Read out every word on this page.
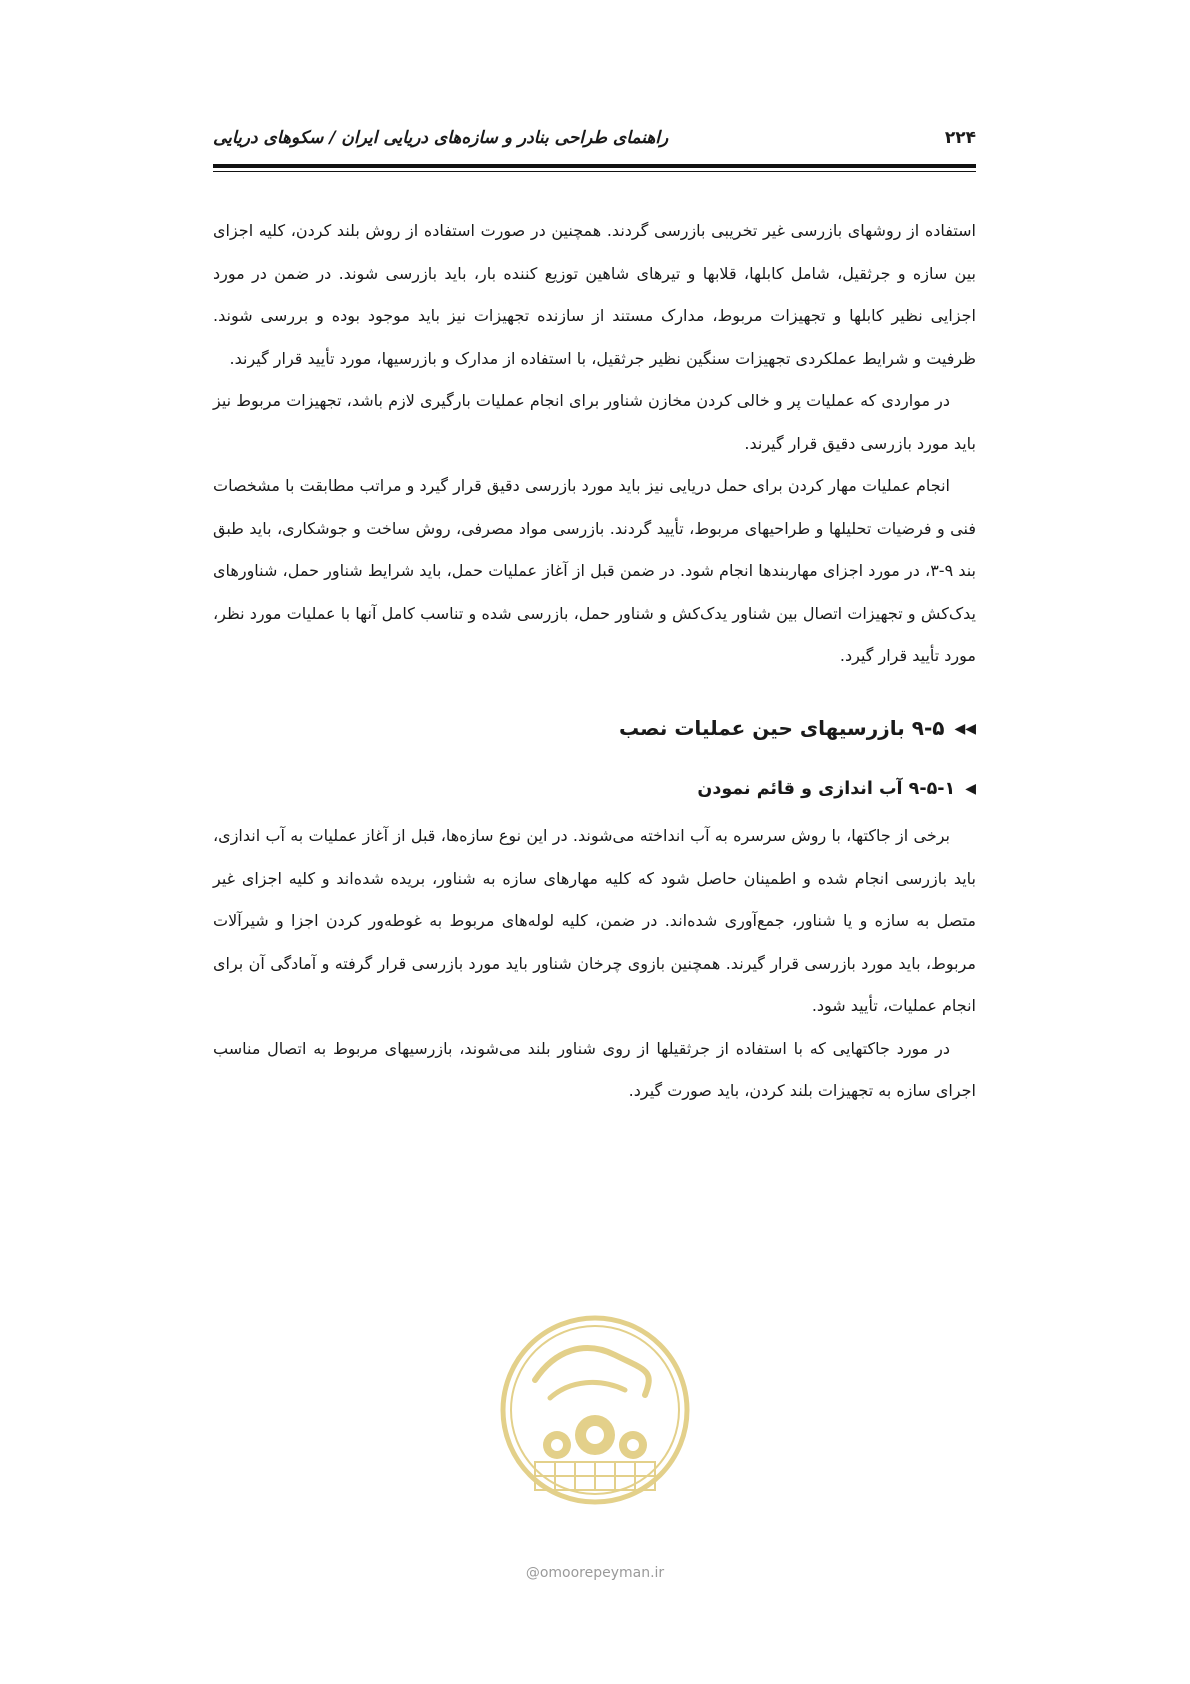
راهنمای طراحی بنادر و سازه‌های دریایی ایران / سکوهای دریایی	۲۲۴

استفاده از روشهای بازرسی غیر تخریبی بازرسی گردند. همچنین در صورت استفاده از روش بلند کردن، کلیه اجزای بین سازه و جرثقیل، شامل کابلها، قلابها و تیرهای شاهین توزیع کننده بار، باید بازرسی شوند. در ضمن در مورد اجزایی نظیر کابلها و تجهیزات مربوط، مدارک مستند از سازنده تجهیزات نیز باید موجود بوده و بررسی شوند. ظرفیت و شرایط عملکردی تجهیزات سنگین نظیر جرثقیل، با استفاده از مدارک و بازرسیها، مورد تأیید قرار گیرند.

در مواردی که عملیات پر و خالی کردن مخازن شناور برای انجام عملیات بارگیری لازم باشد، تجهیزات مربوط نیز باید مورد بازرسی دقیق قرار گیرند.

انجام عملیات مهار کردن برای حمل دریایی نیز باید مورد بازرسی دقیق قرار گیرد و مراتب مطابقت با مشخصات فنی و فرضیات تحلیلها و طراحیهای مربوط، تأیید گردند. بازرسی مواد مصرفی، روش ساخت و جوشکاری، باید طبق بند ۹-۳، در مورد اجزای مهاربندها انجام شود. در ضمن قبل از آغاز عملیات حمل، باید شرایط شناور حمل، شناورهای یدک‌کش و تجهیزات اتصال بین شناور یدک‌کش و شناور حمل، بازرسی شده و تناسب کامل آنها با عملیات مورد نظر، مورد تأیید قرار گیرد.

◀◀۹-۵ بازرسیهای حین عملیات نصب
◀۹-۵-۱ آب اندازی و قائم نمودن

برخی از جاکتها، با روش سرسره به آب انداخته می‌شوند. در این نوع سازه‌ها، قبل از آغاز عملیات به آب اندازی، باید بازرسی انجام شده و اطمینان حاصل شود که کلیه مهارهای سازه به شناور، بریده شده‌اند و کلیه اجزای غیر متصل به سازه و یا شناور، جمع‌آوری شده‌اند. در ضمن، کلیه لوله‌های مربوط به غوطه‌ور کردن اجزا و شیرآلات مربوط، باید مورد بازرسی قرار گیرند. همچنین بازوی چرخان شناور باید مورد بازرسی قرار گرفته و آمادگی آن برای انجام عملیات، تأیید شود.

در مورد جاکتهایی که با استفاده از جرثقیلها از روی شناور بلند می‌شوند، بازرسیهای مربوط به اتصال مناسب اجرای سازه به تجهیزات بلند کردن، باید صورت گیرد.

@omoorepeyman.ir
